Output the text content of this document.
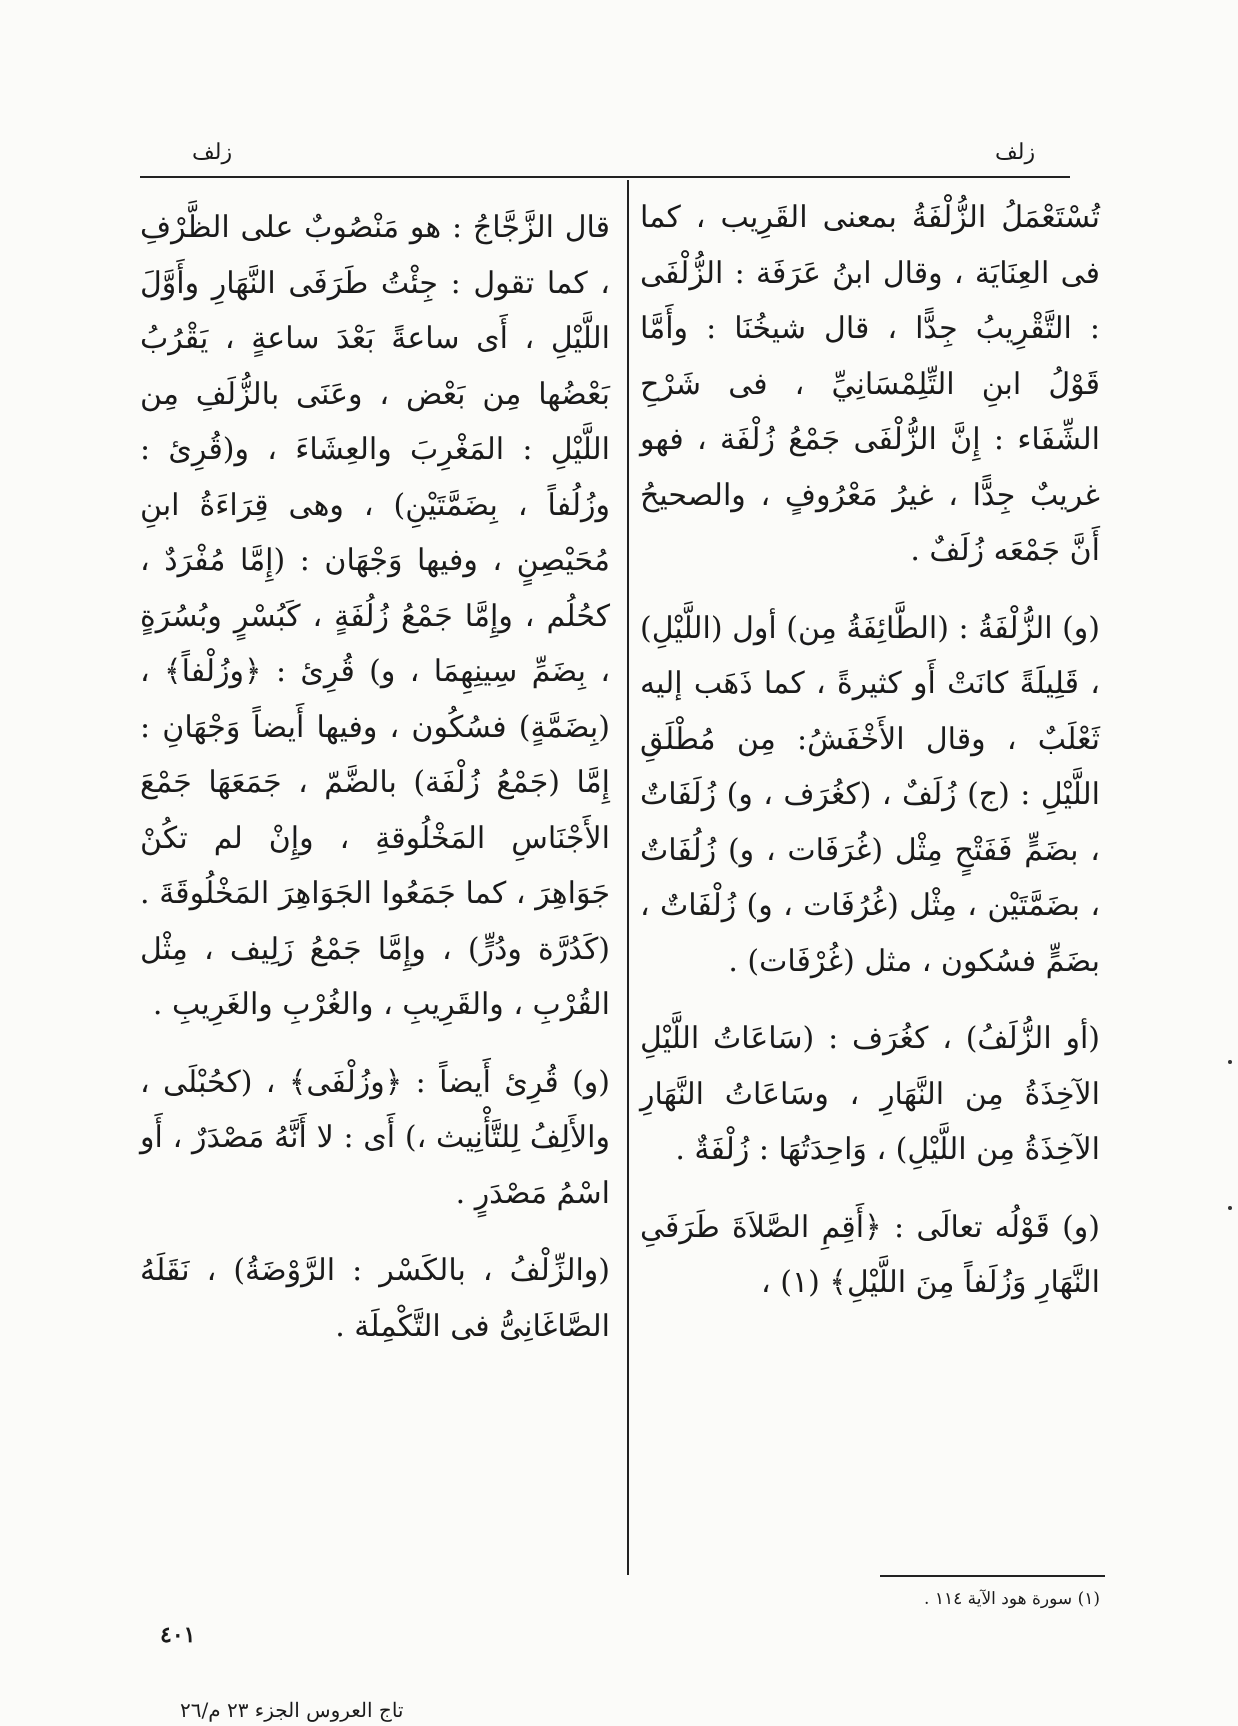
زلف
زلف

تُسْتَعْمَلُ الزُّلْفَةُ بمعنى القَرِيب ، كما فى العِنَايَة ، وقال ابنُ عَرَفَة : الزُّلْفَى : التَّقْرِيبُ جِدًّا ، قال شيخُنَا : وأَمَّا قَوْلُ ابنِ التِّلِمْسَانِيِّ ، فى شَرْحِ الشِّفَاء : إِنَّ الزُّلْفَى جَمْعُ زُلْفَة ، فهو غريبٌ جِدًّا ، غيرُ مَعْرُوفٍ ، والصحيحُ أَنَّ جَمْعَه زُلَفٌ .

(و) الزُّلْفَةُ : (الطَّائِفَةُ مِن) أول (اللَّيْلِ) ، قَلِيلَةً كانَتْ أَو كثيرةً ، كما ذَهَب إليه ثَعْلَبٌ ، وقال الأَخْفَشُ: مِن مُطْلَقِ اللَّيْلِ : (ج) زُلَفٌ ، (كغُرَف ، و) زُلَفَاتٌ ، بضَمٍّ فَفَتْحٍ مِثْل (غُرَفَات ، و) زُلُفَاتٌ ، بضَمَّتَيْن ، مِثْل (غُرُفَات ، و) زُلْفَاتٌ ، بضَمٍّ فسُكون ، مثل (غُرْفَات) .

(أو الزُّلَفُ) ، كغُرَف : (سَاعَاتُ اللَّيْلِ الآخِذَةُ مِن النَّهَارِ ، وسَاعَاتُ النَّهَارِ الآخِذَةُ مِن اللَّيْلِ) ، وَاحِدَتُهَا : زُلْفَةٌ .

(و) قَوْلُه تعالَى : ﴿أَقِمِ الصَّلاَةَ طَرَفَىِ النَّهَارِ وَزُلَفاً مِنَ اللَّيْلِ﴾ (١) ،

قال الزَّجَّاجُ : هو مَنْصُوبٌ على الظَّرْفِ ، كما تقول : جِئْتُ طَرَفَى النَّهَارِ وأَوَّلَ اللَّيْلِ ، أَى ساعةً بَعْدَ ساعةٍ ، يَقْرُبُ بَعْضُها مِن بَعْض ، وعَنَى بالزُّلَفِ مِن اللَّيْلِ : المَغْرِبَ والعِشَاءَ ، و(قُرِئ : وزُلُفاً ، بِضَمَّتَيْنِ) ، وهى قِرَاءَةُ ابنِ مُحَيْصِنٍ ، وفيها وَجْهَان : (إِمَّا مُفْرَدٌ ، كحُلُم ، وإِمَّا جَمْعُ زُلُفَةٍ ، كَبُسْرٍ وبُسُرَةٍ ، بِضَمِّ سِينِهِمَا ، و) قُرِئ : ﴿وزُلْفاً﴾ ، (بِضَمَّةٍ) فسُكُون ، وفيها أَيضاً وَجْهَانِ : إِمَّا (جَمْعُ زُلْفَة) بالضَّمّ ، جَمَعَهَا جَمْعَ الأَجْنَاسِ المَخْلُوقةِ ، وإِنْ لم تكُنْ جَوَاهِرَ ، كما جَمَعُوا الجَوَاهِرَ المَخْلُوقَةَ . (كَدُرَّة ودُرٍّ) ، وإِمَّا جَمْعُ زَلِيف ، مِثْل القُرْبِ ، والقَرِيبِ ، والغُرْبِ والغَرِيبِ .

(و) قُرِئ أَيضاً : ﴿وزُلْفَى﴾ ، (كحُبْلَى ، والأَلِفُ لِلتَّأْنِيث ،) أَى : لا أَنَّهُ مَصْدَرٌ ، أَو اسْمُ مَصْدَرٍ .

(والزِّلْفُ ، بالكَسْر : الرَّوْضَةُ) ، نَقَلَهُ الصَّاغَانِىُّ فى التَّكْمِلَة .

(١) سورة هود الآية ١١٤ .
٤٠١
تاج العروس الجزء ٢٣ م/٢٦
